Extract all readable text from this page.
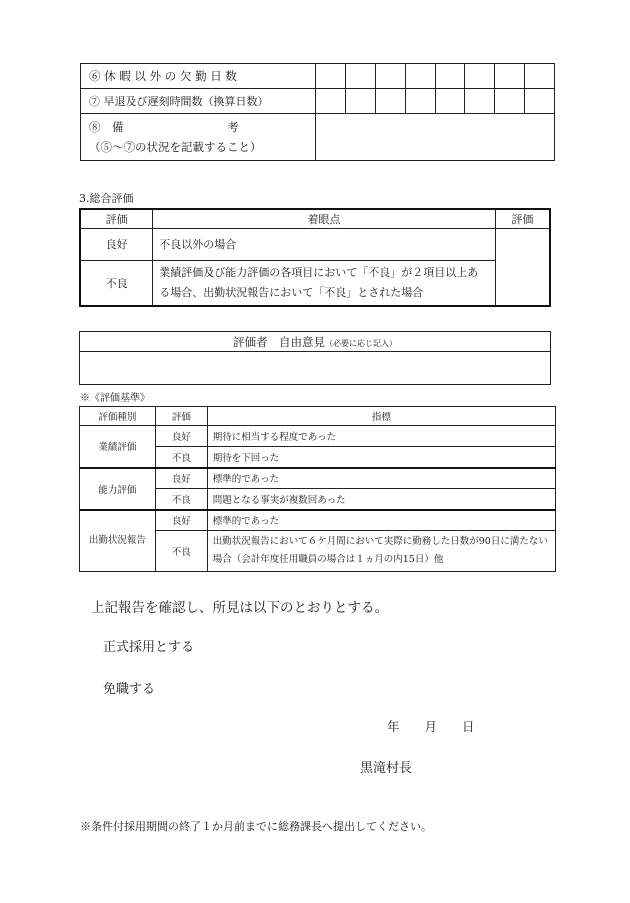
⑥ 休 暇 以 外 の 欠 勤 日 数								
⑦ 早退及び遅刻時間数（換算日数）								

⑧　備　　　　　　　　　考
（⑤～⑦の状況を記載すること）								

3.総合評価
評価	着眼点	評価
良好	不良以外の場合	
不良	業績評価及び能力評価の各項目において「不良」が２項目以上ある場合、出勤状況報告において「不良」とされた場合	
評価者　自由意見（必要に応じ記入）

※《評価基準》
評価種別	評価	指標
業績評価	良好	期待に相当する程度であった
	不良	期待を下回った
能力評価	良好	標準的であった
	不良	問題となる事実が複数回あった
出勤状況報告	良好	標準的であった
	不良	出勤状況報告において６ケ月間において実際に勤務した日数が90日に満たない場合（会計年度任用職員の場合は１ヵ月の内15日）他
上記報告を確認し、所見は以下のとおりとする。
正式採用とする
免職する
年　　月　　日
黒滝村長
※条件付採用期間の終了１か月前までに総務課長へ提出してください。
